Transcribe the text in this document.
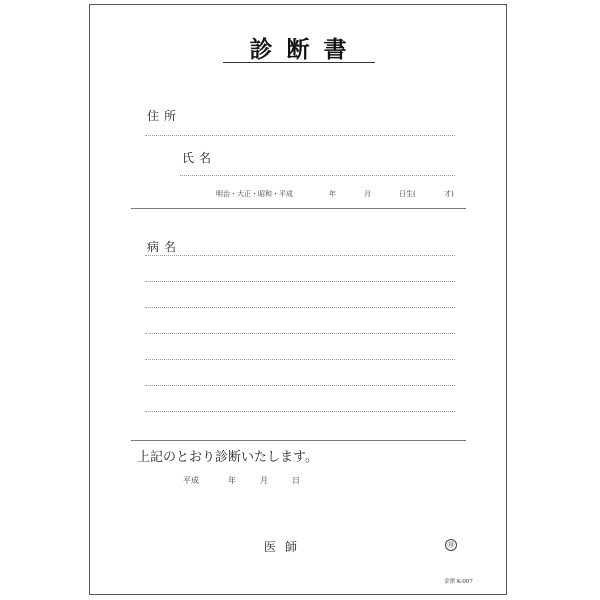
診断書
住所
氏名
明治・大正・昭和・平成	年	月	日生(	才)
病名
上記のとおり診断いたします。
平成	年	月	日
医師	㊞
金澤 K-007
